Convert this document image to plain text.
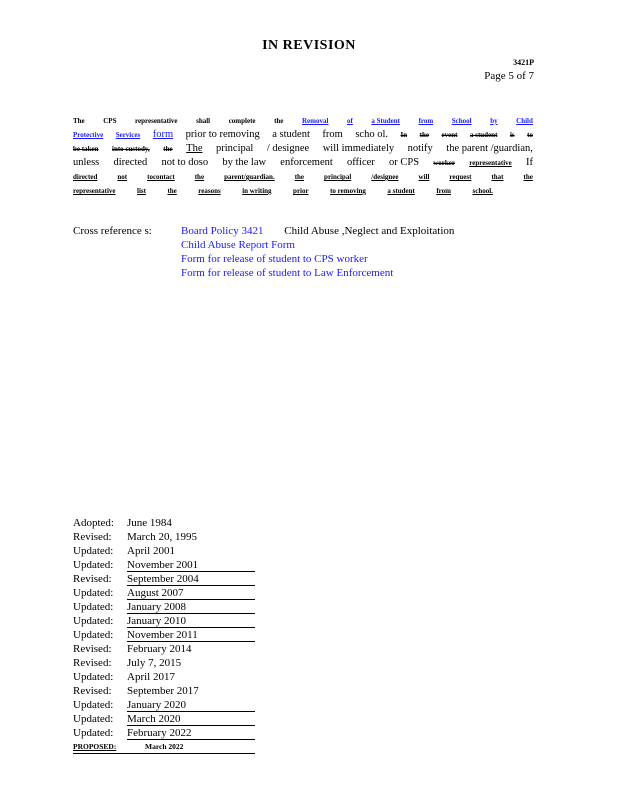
IN REVISION
3421P
Page 5 of 7
The	CPS	representative	shall	complete	the	Removal	of	a Student	from	School	by	Child
Protective Services form prior to removing a student from scho ol. In the event a student is to
be taken into custody, the The principal / designee will immediately notify the parent /guardian,
unless directed not to doso by the law enforcement officer or CPS worker representative If
directed	not	tocontact	the	parent/guardian.	the	principal	/designee	will	request	that	the
representative	list	the	reasons	in writing	prior	to removing	a student	from	school.
Cross reference s:	Board Policy 3421 Child Abuse ,Neglect and Exploitation
Child Abuse Report Form
Form for release of student to CPS worker
Form for release of student to Law Enforcement
Adopted:	June 1984
Revised:	March 20, 1995
Updated:	April 2001
Updated:	November 2001
Revised:	September 2004
Updated:	August 2007
Updated:	January 2008
Updated:	January 2010
Updated:	November 2011
Revised:	February 2014
Revised:	July 7, 2015
Updated:	April 2017
Revised:	September 2017
Updated:	January 2020
Updated:	March 2020
Updated:	February 2022
PROPOSED:	March 2022
